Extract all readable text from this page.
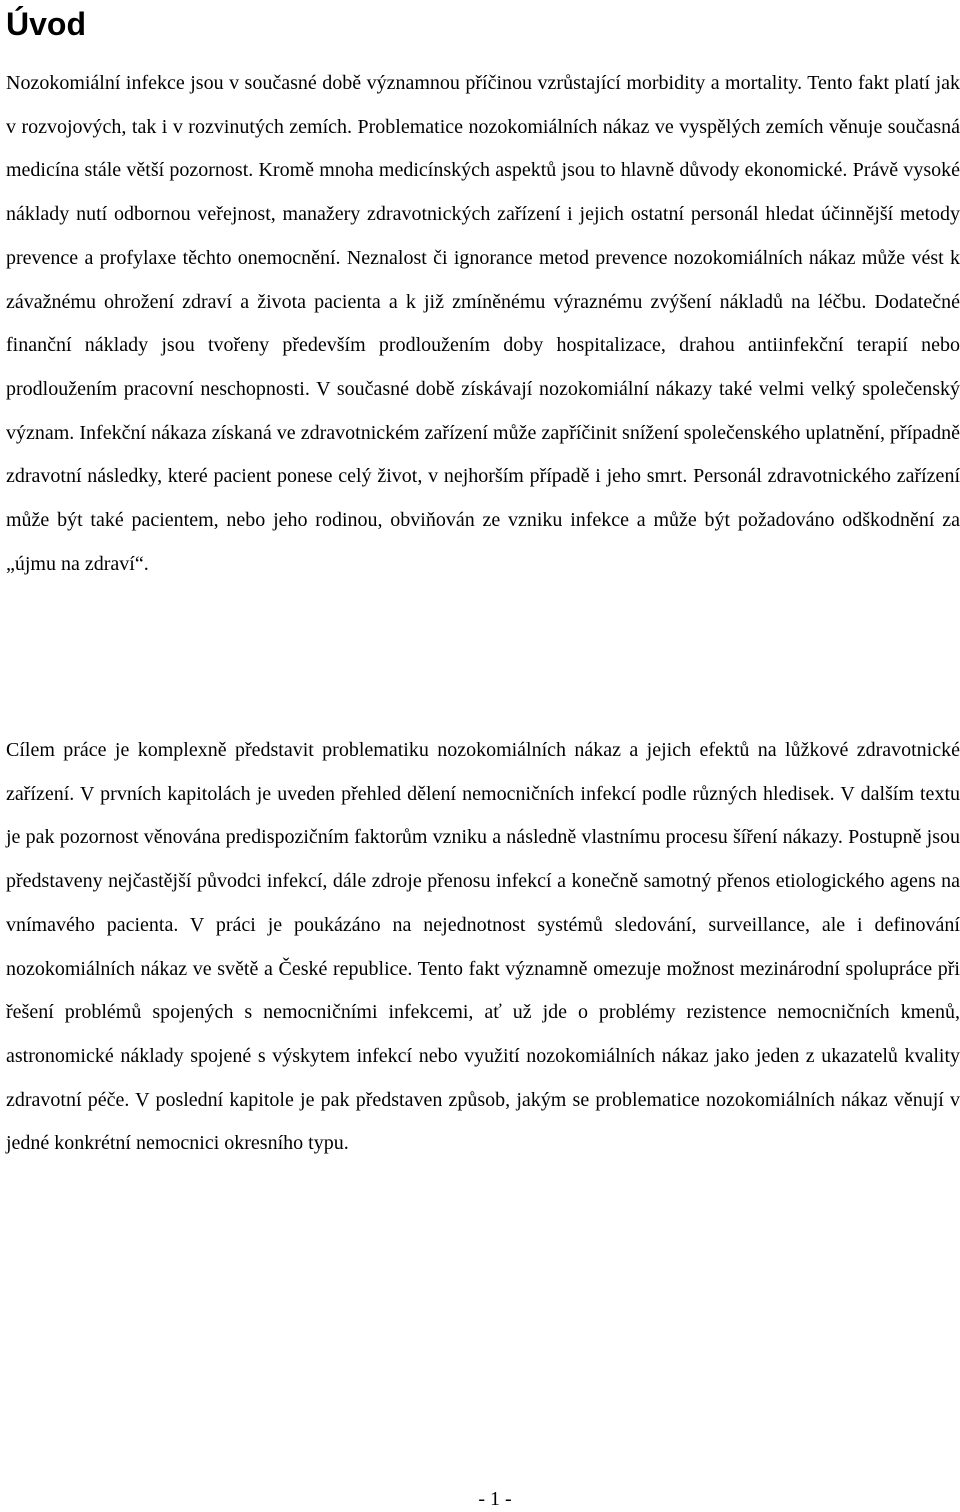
Úvod

Nozokomiální infekce jsou v současné době významnou příčinou vzrůstající morbidity a mortality. Tento fakt platí jak v rozvojových, tak i v rozvinutých zemích. Problematice nozokomiálních nákaz ve vyspělých zemích věnuje současná medicína stále větší pozornost. Kromě mnoha medicínských aspektů jsou to hlavně důvody ekonomické. Právě vysoké náklady nutí odbornou veřejnost, manažery zdravotnických zařízení i jejich ostatní personál hledat účinnější metody prevence a profylaxe těchto onemocnění. Neznalost či ignorance metod prevence nozokomiálních nákaz může vést k závažnému ohrožení zdraví a života pacienta a k již zmíněnému výraznému zvýšení nákladů na léčbu. Dodatečné finanční náklady jsou tvořeny především prodloužením doby hospitalizace, drahou antiinfekční terapií nebo prodloužením pracovní neschopnosti. V současné době získávají nozokomiální nákazy také velmi velký společenský význam. Infekční nákaza získaná ve zdravotnickém zařízení může zapříčinit snížení společenského uplatnění, případně zdravotní následky, které pacient ponese celý život, v nejhorším případě i jeho smrt. Personál zdravotnického zařízení může být také pacientem, nebo jeho rodinou, obviňován ze vzniku infekce a může být požadováno odškodnění za „újmu na zdraví“.

Cílem práce je komplexně představit problematiku nozokomiálních nákaz a jejich efektů na lůžkové zdravotnické zařízení. V prvních kapitolách je uveden přehled dělení nemocničních infekcí podle různých hledisek. V dalším textu je pak pozornost věnována predispozičním faktorům vzniku a následně vlastnímu procesu šíření nákazy. Postupně jsou představeny nejčastější původci infekcí, dále zdroje přenosu infekcí a konečně samotný přenos etiologického agens na vnímavého pacienta. V práci je poukázáno na nejednotnost systémů sledování, surveillance, ale i definování nozokomiálních nákaz ve světě a České republice. Tento fakt významně omezuje možnost mezinárodní spolupráce při řešení problémů spojených s nemocničními infekcemi, ať už jde o problémy rezistence nemocničních kmenů, astronomické náklady spojené s výskytem infekcí nebo využití nozokomiálních nákaz jako jeden z ukazatelů kvality zdravotní péče. V poslední kapitole je pak představen způsob, jakým se problematice nozokomiálních nákaz věnují v jedné konkrétní nemocnici okresního typu.

- 1 -
